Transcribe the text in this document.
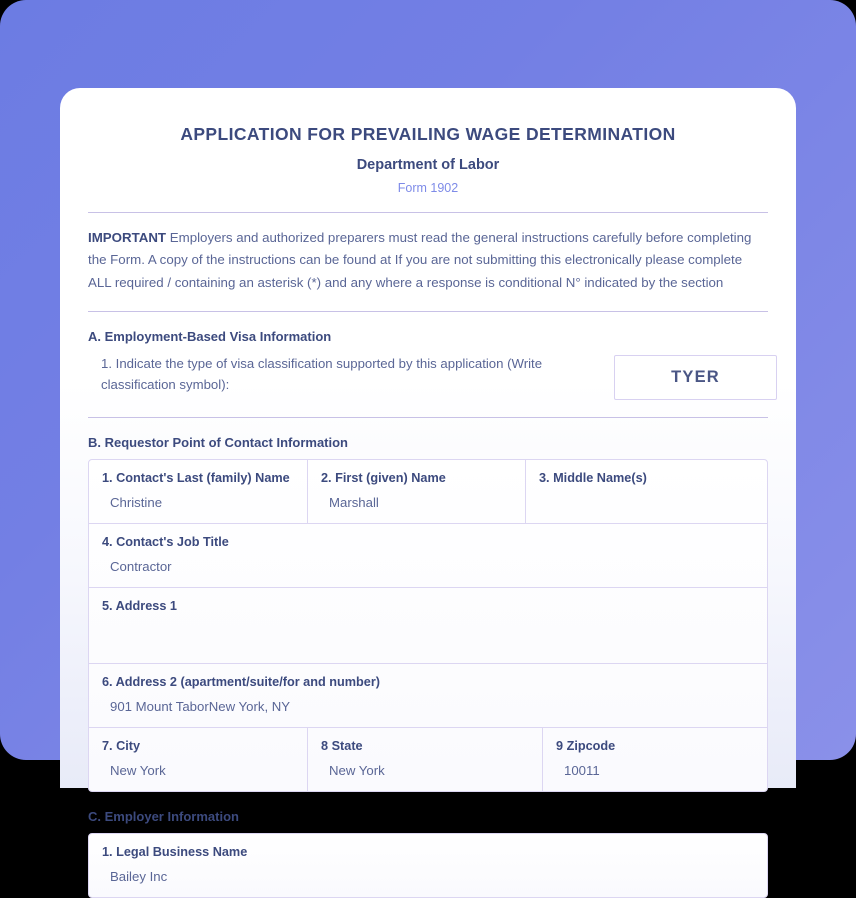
APPLICATION FOR PREVAILING WAGE DETERMINATION
Department of Labor
Form 1902

IMPORTANT Employers and authorized preparers must read the general instructions carefully before completing the Form. A copy of the instructions can be found at If you are not submitting this electronically please complete ALL required / containing an asterisk (*) and any where a response is conditional N° indicated by the section

A. Employment-Based Visa Information
1. Indicate the type of visa classification supported by this application (Write classification symbol):	TYER
B. Requestor Point of Contact Information
1. Contact's Last (family) Name
Christine
2. First (given) Name
Marshall
3. Middle Name(s)
4. Contact's Job Title
Contractor
5. Address 1
6. Address 2 (apartment/suite/for and number)
901 Mount TaborNew York, NY
7. City
New York
8 State
New York
9 Zipcode
10011
C. Employer Information
1. Legal Business Name
Bailey Inc
